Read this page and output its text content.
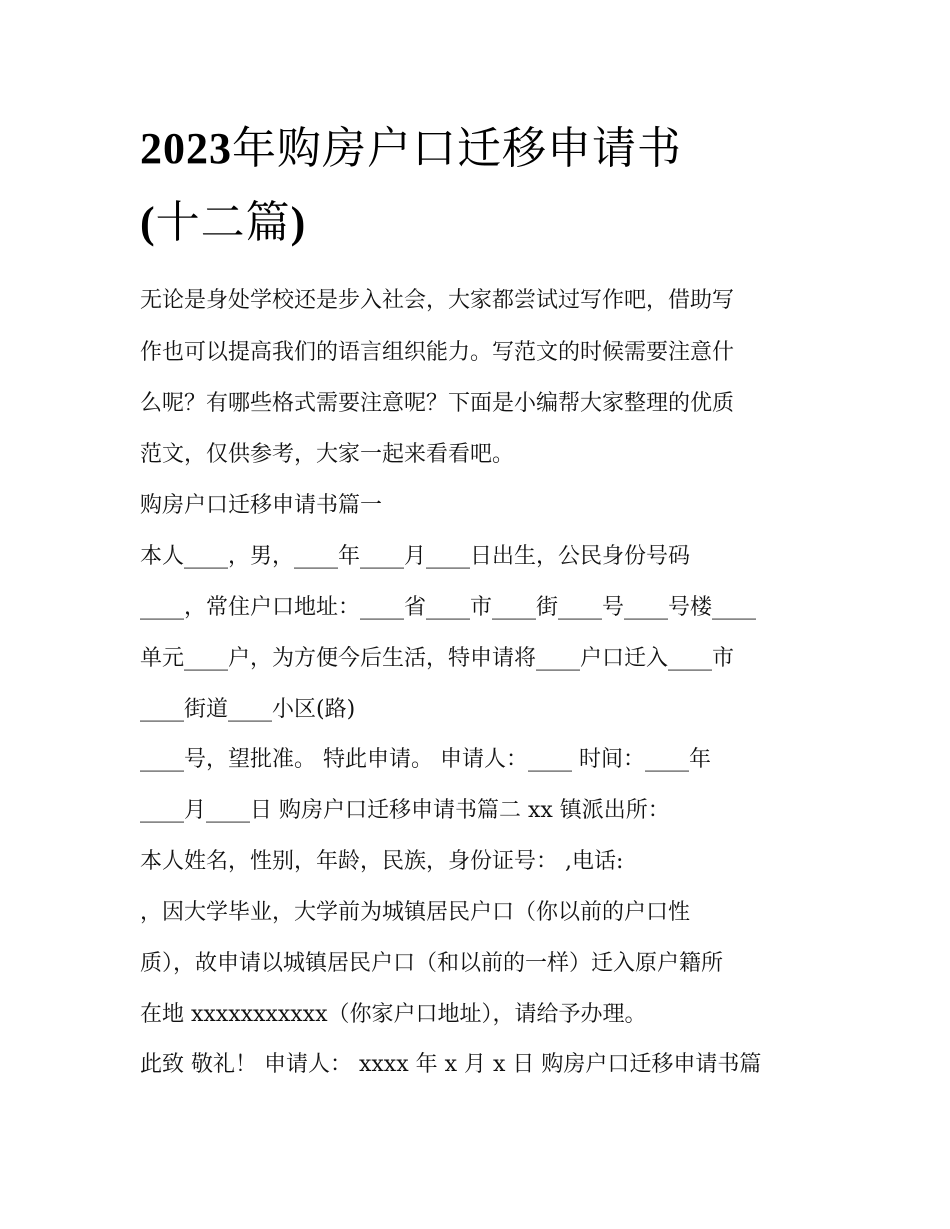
2023年购房户口迁移申请书
(十二篇)

无论是身处学校还是步入社会，大家都尝试过写作吧，借助写

作也可以提高我们的语言组织能力。写范文的时候需要注意什

么呢？有哪些格式需要注意呢？下面是小编帮大家整理的优质

范文，仅供参考，大家一起来看看吧。

购房户口迁移申请书篇一

本人____，男，____年____月____日出生，公民身份号码

____，常住户口地址：____省____市____街____号____号楼____

单元____户，为方便今后生活，特申请将____户口迁入____市

____街道____小区(路)

____号，望批准。 特此申请。 申请人：____ 时间：____年

____月____日 购房户口迁移申请书篇二 xx 镇派出所：

本人姓名，性别，年龄，民族，身份证号： ,电话:

，因大学毕业，大学前为城镇居民户口（你以前的户口性

质），故申请以城镇居民户口（和以前的一样）迁入原户籍所

在地 xxxxxxxxxxx（你家户口地址），请给予办理。

此致 敬礼！ 申请人： xxxx 年 x 月 x 日 购房户口迁移申请书篇
